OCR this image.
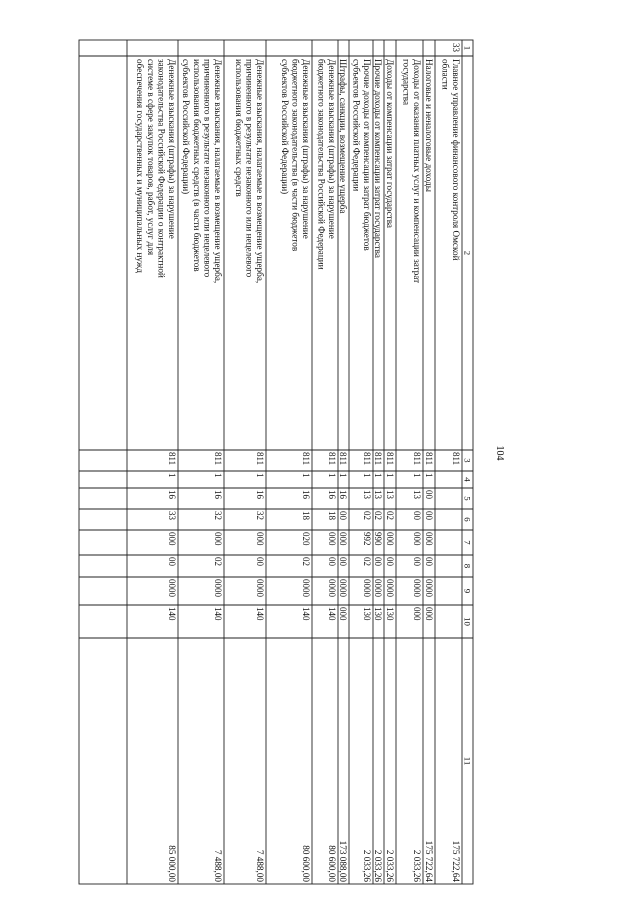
1
2
3
4
5
6
7
8
9
10
11
33
Главное управление финансового контроля Омской
области
811
175 722,64
Налоговые и неналоговые доходы
811
1
00
00
000
00
0000
000
175 722,64
Доходы от оказания платных услуг и компенсации затрат
государства
811
1
13
00
000
00
0000
000
2 033,26
Доходы от компенсации затрат государства
811
1
13
02
000
00
0000
130
2 033,26
Прочие доходы от компенсации затрат государства
811
1
13
02
990
00
0000
130
2 033,26
Прочие доходы от компенсации затрат бюджетов
субъектов Российской Федерации
811
1
13
02
992
02
0000
130
2 033,26
Штрафы, санкции, возмещение ущерба
811
1
16
00
000
00
0000
000
173 088,00
Денежные взыскания (штрафы) за нарушение
бюджетного законодательства Российской Федерации
811
1
16
18
000
00
0000
140
80 600,00
Денежные взыскания (штрафы) за нарушение
бюджетного законодательства (в части бюджетов
субъектов Российской Федерации)
811
1
16
18
020
02
0000
140
80 600,00
Денежные взыскания, налагаемые в возмещение ущерба,
причиненного в результате незаконного или нецелевого
использования бюджетных средств
811
1
16
32
000
00
0000
140
7 488,00
Денежные взыскания, налагаемые в возмещение ущерба,
причиненного в результате незаконного или нецелевого
использования бюджетных средств (в части бюджетов
субъектов Российской Федерации)
811
1
16
32
000
02
0000
140
7 488,00
Денежные взыскания (штрафы) за нарушение
законодательства Российской Федерации о контрактной
системе в сфере закупок товаров, работ, услуг для
обеспечения государственных и муниципальных нужд
811
1
16
33
000
00
0000
140
85 000,00
104
